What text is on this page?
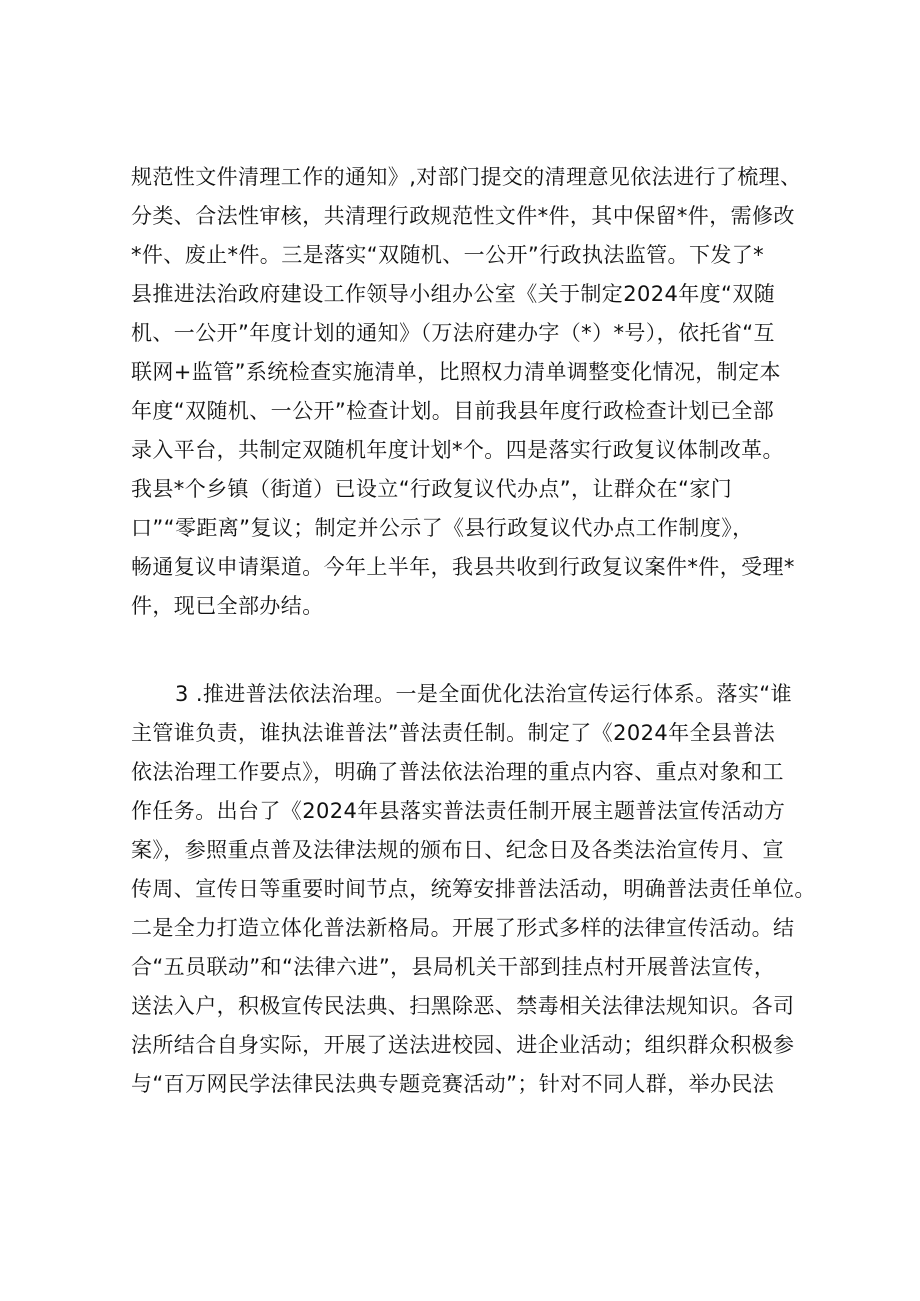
规范性文件清理工作的通知》,对部门提交的清理意见依法进行了梳理、
分类、合法性审核，共清理行政规范性文件*件，其中保留*件，需修改
*件、废止*件。三是落实“双随机、一公开”行政执法监管。下发了*
县推进法治政府建设工作领导小组办公室《关于制定2024年度“双随
机、一公开”年度计划的通知》（万法府建办字（*）*号），依托省“互
联网+监管”系统检查实施清单，比照权力清单调整变化情况，制定本
年度“双随机、一公开”检查计划。目前我县年度行政检查计划已全部
录入平台，共制定双随机年度计划*个。四是落实行政复议体制改革。
我县*个乡镇（街道）已设立“行政复议代办点”，让群众在“家门
口”“零距离”复议；制定并公示了《县行政复议代办点工作制度》，
畅通复议申请渠道。今年上半年，我县共收到行政复议案件*件，受理*
件，现已全部办结。
3 .推进普法依法治理。一是全面优化法治宣传运行体系。落实“谁
主管谁负责，谁执法谁普法”普法责任制。制定了《2024年全县普法
依法治理工作要点》，明确了普法依法治理的重点内容、重点对象和工
作任务。出台了《2024年县落实普法责任制开展主题普法宣传活动方
案》，参照重点普及法律法规的颁布日、纪念日及各类法治宣传月、宣
传周、宣传日等重要时间节点，统筹安排普法活动，明确普法责任单位。
二是全力打造立体化普法新格局。开展了形式多样的法律宣传活动。结
合“五员联动”和“法律六进”，县局机关干部到挂点村开展普法宣传，
送法入户，积极宣传民法典、扫黑除恶、禁毒相关法律法规知识。各司
法所结合自身实际，开展了送法进校园、进企业活动；组织群众积极参
与“百万网民学法律民法典专题竞赛活动”；针对不同人群，举办民法
